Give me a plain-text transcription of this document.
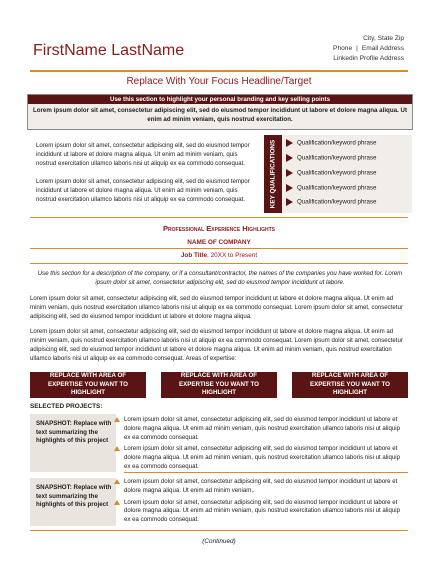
FirstName LastName
City, State Zip
Phone | Email Address
Linkedin Profile Address
Replace With Your Focus Headline/Target
Use this section to highlight your personal branding and key selling points
Lorem ipsum dolor sit amet, consectetur adipiscing elit, sed do eiusmod tempor incididunt ut labore et dolore magna aliqua. Ut enim ad minim veniam, quis nostrud exercitation.

Lorem ipsum dolor sit amet, consectetur adipiscing elit, sed do eiusmod tempor incididunt ut labore et dolore magna aliqua. Ut enim ad minim veniam, quis nostrud exercitation ullamco laboris nisi ut aliquip ex ea commodo consequat.

Lorem ipsum dolor sit amet, consectetur adipiscing elit, sed do eiusmod tempor incididunt ut labore et dolore magna aliqua. Ut enim ad minim veniam, quis nostrud exercitation ullamco laboris nisi ut aliquip ex ea commodo consequat.	KEY QUALIFICATIONS	Qualification/keyword phrase
Qualification/keyword phrase
Qualification/keyword phrase
Qualification/keyword phrase
Qualification/keyword phrase
Professional Experience Highlights
NAME OF COMPANY
Job Title, 20XX to Present
Use this section for a description of the company, or if a consultant/contractor, the names of the companies you have worked for. Lorem ipsum dolor sit amet, consectetur adipiscing elit, sed do eiusmod tempor incididunt ut labore.
Lorem ipsum dolor sit amet, consectetur adipiscing elit, sed do eiusmod tempor incididunt ut labore et dolore magna aliqua. Ut enim ad minim veniam, quis nostrud exercitation ullamco laboris nisi ut aliquip ex ea commodo consequat. Lorem ipsum dolor sit amet, consectetur adipiscing elit, sed do eiusmod tempor incididunt ut labore et dolore magna aliqua.
Lorem ipsum dolor sit amet, consectetur adipiscing elit, sed do eiusmod tempor incididunt ut labore et dolore magna aliqua. Ut enim ad minim veniam, quis nostrud exercitation ullamco laboris nisi ut aliquip ex ea commodo consequat. Lorem ipsum dolor sit amet, consectetur adipiscing elit, sed do eiusmod tempor incididunt ut labore et dolore magna aliqua. Ut enim ad minim veniam, quis nostrud exercitation ullamco laboris nisi ut aliquip ex ea commodo consequat. Areas of expertise:
REPLACE WITH AREA OF EXPERTISE YOU WANT TO HIGHLIGHT
REPLACE WITH AREA OF EXPERTISE YOU WANT TO HIGHLIGHT
REPLACE WITH AREA OF EXPERTISE YOU WANT TO HIGHLIGHT
SELECTED PROJECTS:
SNAPSHOT: Replace with text summarizing the highlights of this project
Lorem ipsum dolor sit amet, consectetur adipiscing elit, sed do eiusmod tempor incididunt ut labore et dolore magna aliqua. Ut enim ad minim veniam, quis nostrud exercitation ullamco laboris nisi ut aliquip ex ea commodo consequat.
Lorem ipsum dolor sit amet, consectetur adipiscing elit, sed do eiusmod tempor incididunt ut labore et dolore magna aliqua. Ut enim ad minim veniam, quis nostrud exercitation ullamco laboris nisi ut aliquip ex ea commodo consequat.
SNAPSHOT: Replace with text summarizing the highlights of this project
Lorem ipsum dolor sit amet, consectetur adipiscing elit, sed do eiusmod tempor incididunt ut labore et dolore magna aliqua. Ut enim ad minim veniam,.
Lorem ipsum dolor sit amet, consectetur adipiscing elit, sed do eiusmod tempor incididunt ut labore et dolore magna aliqua. Ut enim ad minim veniam, quis nostrud exercitation ullamco laboris nisi ut aliquip ex ea commodo consequat.
(Continued)
